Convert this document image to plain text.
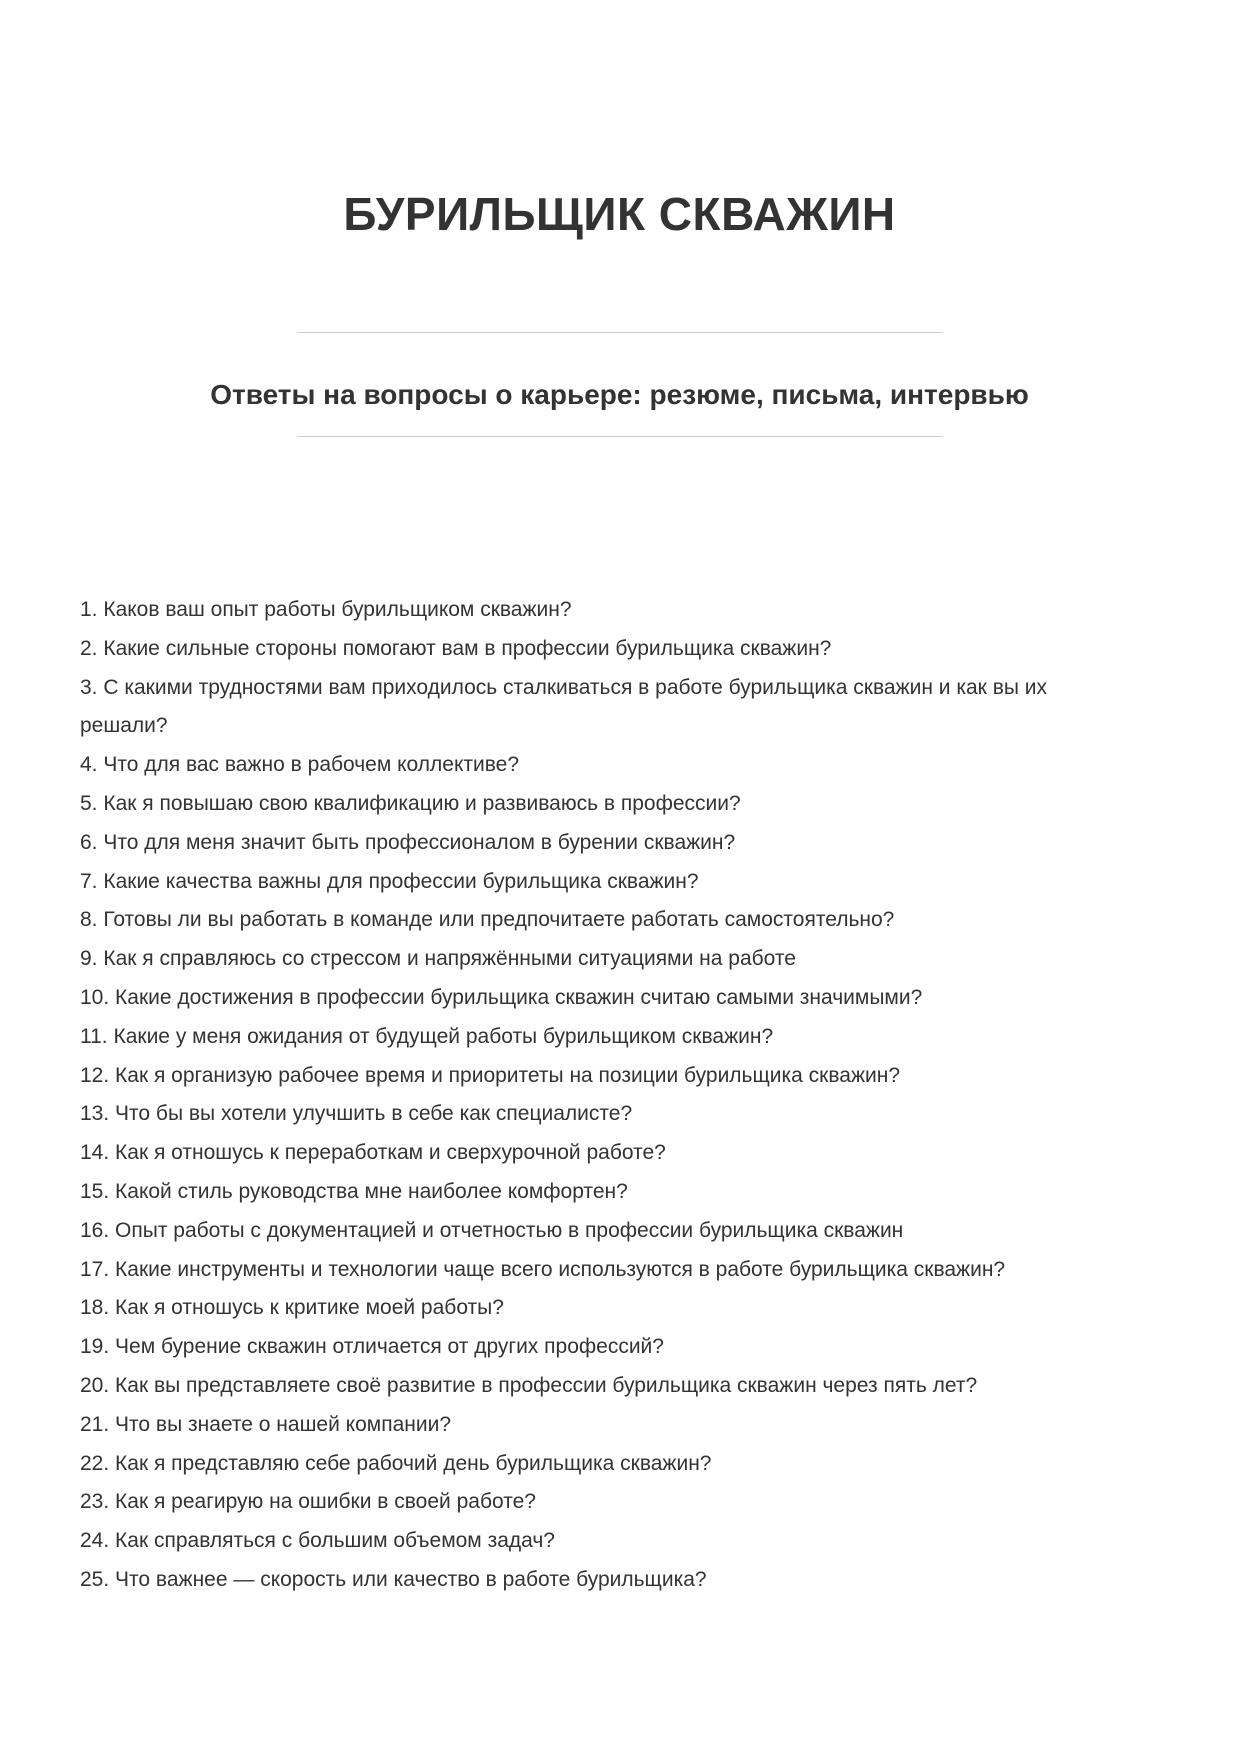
БУРИЛЬЩИК СКВАЖИН
Ответы на вопросы о карьере: резюме, письма, интервью

1. Каков ваш опыт работы бурильщиком скважин?

2. Какие сильные стороны помогают вам в профессии бурильщика скважин?

3. С какими трудностями вам приходилось сталкиваться в работе бурильщика скважин и как вы их решали?

4. Что для вас важно в рабочем коллективе?

5. Как я повышаю свою квалификацию и развиваюсь в профессии?

6. Что для меня значит быть профессионалом в бурении скважин?

7. Какие качества важны для профессии бурильщика скважин?

8. Готовы ли вы работать в команде или предпочитаете работать самостоятельно?

9. Как я справляюсь со стрессом и напряжёнными ситуациями на работе

10. Какие достижения в профессии бурильщика скважин считаю самыми значимыми?

11. Какие у меня ожидания от будущей работы бурильщиком скважин?

12. Как я организую рабочее время и приоритеты на позиции бурильщика скважин?

13. Что бы вы хотели улучшить в себе как специалисте?

14. Как я отношусь к переработкам и сверхурочной работе?

15. Какой стиль руководства мне наиболее комфортен?

16. Опыт работы с документацией и отчетностью в профессии бурильщика скважин

17. Какие инструменты и технологии чаще всего используются в работе бурильщика скважин?

18. Как я отношусь к критике моей работы?

19. Чем бурение скважин отличается от других профессий?

20. Как вы представляете своё развитие в профессии бурильщика скважин через пять лет?

21. Что вы знаете о нашей компании?

22. Как я представляю себе рабочий день бурильщика скважин?

23. Как я реагирую на ошибки в своей работе?

24. Как справляться с большим объемом задач?

25. Что важнее — скорость или качество в работе бурильщика?
